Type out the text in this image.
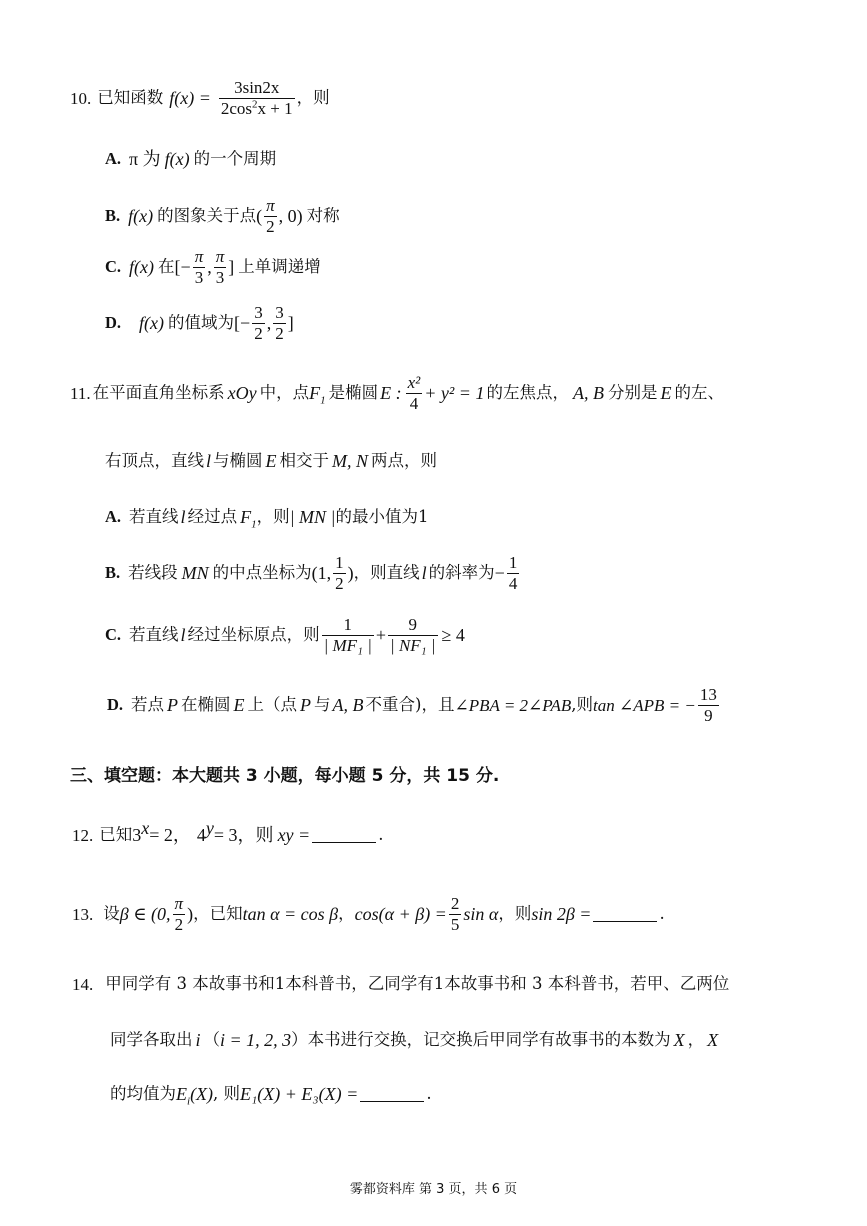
10. 已知函数 $f(x) = \frac{3\sin 2x}{2\cos^2x + 1}$ ，则
A. π 为 f(x) 的一个周期
B. f(x) 的图象关于点 ( $\frac{\pi}{2}$ , 0) 对称
C. f(x) 在 [− $\frac{\pi}{3}$ , $\frac{\pi}{3}$ ] 上单调递增
D. f(x) 的值域为 [− $\frac{3}{2}$ , $\frac{3}{2}$ ]
11. 在平面直角坐标系 xOy 中，点 $F_1$ 是椭圆 E : $\frac{\text{x²}}{4} + y^2 = 1$ 的左焦点， A, B 分别是 E 的左、
右顶点，直线 l 与椭圆 E 相交于 M, N 两点，则
A. 若直线 l 经过点 $F_1$ ，则 | MN | 的最小值为1
B. 若线段 MN 的中点坐标为 (1, $\frac{1}{2}$ ) ，则直线 l 的斜率为 − $\frac{1}{4}$
C. 若直线 l 经过坐标原点，则 $\frac{1}{\text{| MF₁ |}} + \frac{9}{\text{| NF₁ |}} \ge 4$
D. 若点 P 在椭圆 E 上（点 P 与 A, B 不重合)，且 ∠PBA = 2∠PAB ,则 tan ∠APB = − $\frac{13}{9}$
三、填空题：本大题共 3 小题，每小题 5 分，共 15 分.
12. 已知 $3^x = 2$， $4^y = 3$，则 xy =	.
13. 设 β ∈ (0, $\frac{\pi}{2}$ ) ，已知 tan α = cos β ， $\cos(\alpha + \beta) = \frac{2}{5}$ sin α ，则 sin 2β =	.
14. 甲同学有 3 本故事书和1本科普书，乙同学有1本故事书和 3 本科普书，若甲、乙两位
同学各取出 i （ i = 1, 2, 3 ）本书进行交换，记交换后甲同学有故事书的本数为 X ， X
的均值为 $E_i(X)$ , 则 E₁(X) + E₃(X) =	.
雾都资料库 第 3 页，共 6 页
